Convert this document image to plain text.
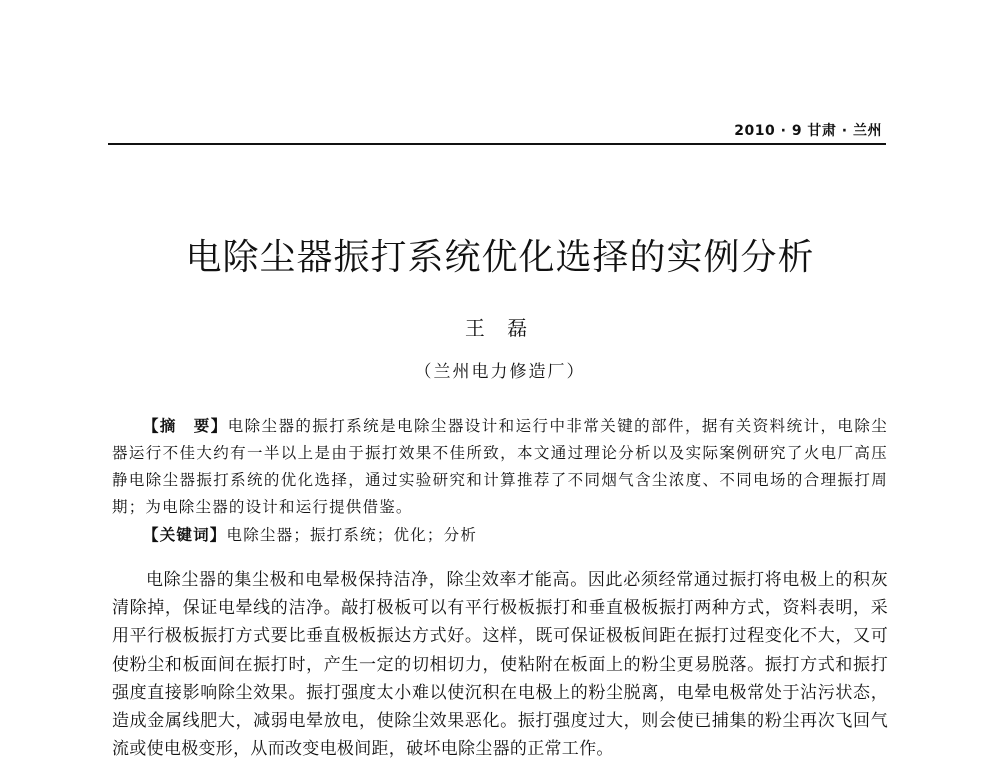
2010 · 9 甘肃 · 兰州
电除尘器振打系统优化选择的实例分析
王 磊
（兰州电力修造厂）

【摘　要】电除尘器的振打系统是电除尘器设计和运行中非常关键的部件，据有关资料统计，电除尘器运行不佳大约有一半以上是由于振打效果不佳所致，本文通过理论分析以及实际案例研究了火电厂高压静电除尘器振打系统的优化选择，通过实验研究和计算推荐了不同烟气含尘浓度、不同电场的合理振打周期；为电除尘器的设计和运行提供借鉴。

【关键词】电除尘器；振打系统；优化；分析

电除尘器的集尘极和电晕极保持洁净，除尘效率才能高。因此必须经常通过振打将电极上的积灰清除掉，保证电晕线的洁净。敲打极板可以有平行极板振打和垂直极板振打两种方式，资料表明，采用平行极板振打方式要比垂直极板振达方式好。这样，既可保证极板间距在振打过程变化不大，又可使粉尘和板面间在振打时，产生一定的切相切力，使粘附在板面上的粉尘更易脱落。振打方式和振打强度直接影响除尘效果。振打强度太小难以使沉积在电极上的粉尘脱离，电晕电极常处于沾污状态，造成金属线肥大，减弱电晕放电，使除尘效果恶化。振打强度过大，则会使已捕集的粉尘再次飞回气流或使电极变形，从而改变电极间距，破坏电除尘器的正常工作。
